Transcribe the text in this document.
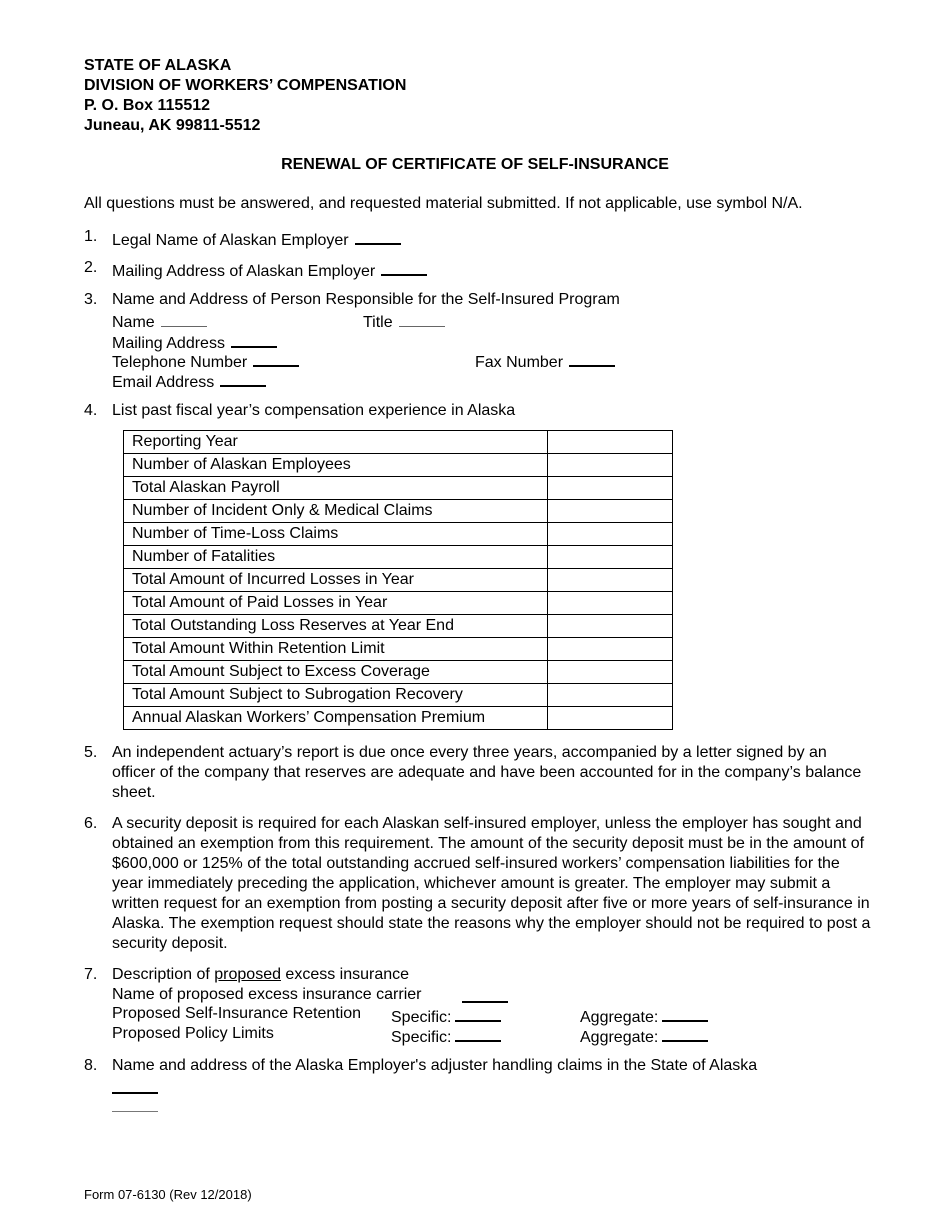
STATE OF ALASKA
DIVISION OF WORKERS’ COMPENSATION
P. O. Box 115512
Juneau, AK 99811-5512
RENEWAL OF CERTIFICATE OF SELF-INSURANCE
All questions must be answered, and requested material submitted. If not applicable, use symbol N/A.
1. Legal Name of Alaskan Employer
2. Mailing Address of Alaskan Employer
3. Name and Address of Person Responsible for the Self-Insured Program
Name	Title
Mailing Address
Telephone Number	Fax Number
Email Address
4. List past fiscal year’s compensation experience in Alaska
Reporting Year	
Number of Alaskan Employees	
Total Alaskan Payroll	
Number of Incident Only & Medical Claims	
Number of Time-Loss Claims	
Number of Fatalities	
Total Amount of Incurred Losses in Year	
Total Amount of Paid Losses in Year	
Total Outstanding Loss Reserves at Year End	
Total Amount Within Retention Limit	
Total Amount Subject to Excess Coverage	
Total Amount Subject to Subrogation Recovery	
Annual Alaskan Workers’ Compensation Premium	
5. An independent actuary’s report is due once every three years, accompanied by a letter signed by an officer of the company that reserves are adequate and have been accounted for in the company’s balance sheet.
6. A security deposit is required for each Alaskan self-insured employer, unless the employer has sought and obtained an exemption from this requirement. The amount of the security deposit must be in the amount of $600,000 or 125% of the total outstanding accrued self-insured workers’ compensation liabilities for the year immediately preceding the application, whichever amount is greater. The employer may submit a written request for an exemption from posting a security deposit after five or more years of self-insurance in Alaska. The exemption request should state the reasons why the employer should not be required to post a security deposit.
7. Description of proposed excess insurance
Name of proposed excess insurance carrier
Proposed Self-Insurance Retention Specific:	Aggregate:
Proposed Policy Limits	Specific:	Aggregate:
8. Name and address of the Alaska Employer's adjuster handling claims in the State of Alaska
Form 07-6130 (Rev 12/2018)
